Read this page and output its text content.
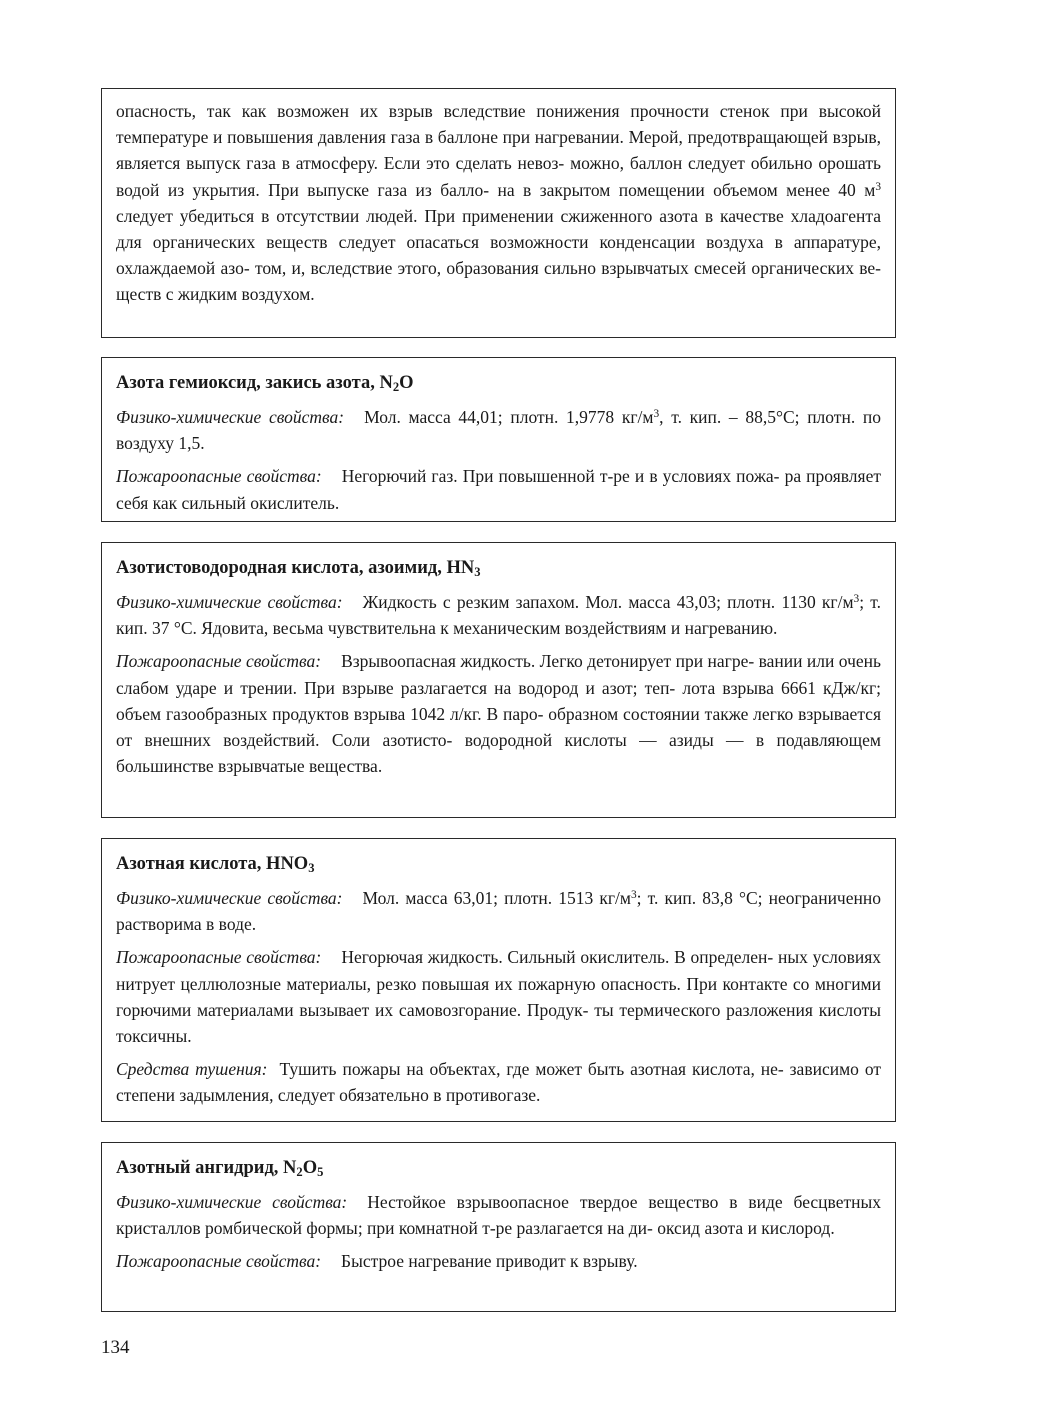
опасность, так как возможен их взрыв вследствие понижения прочности стенок при высокой температуре и повышения давления газа в баллоне при нагревании. Мерой, предотвращающей взрыв, является выпуск газа в атмосферу. Если это сделать невоз- можно, баллон следует обильно орошать водой из укрытия. При выпуске газа из балло- на в закрытом помещении объемом менее 40 $м^3$ следует убедиться в отсутствии людей. При применении сжиженного азота в качестве хладоагента для органических веществ следует опасаться возможности конденсации воздуха в аппаратуре, охлаждаемой азо- том, и, вследствие этого, образования сильно взрывчатых смесей органических ве- ществ с жидким воздухом.

Азота гемиоксид, закись азота, N2O

Физико-химические свойства: Мол. масса 44,01; плотн. 1,9778 $кг/м^3$, т. кип. – 88,5°C; плотн. по воздуху 1,5.

Пожароопасные свойства: Негорючий газ. При повышенной т-ре и в условиях пожа- ра проявляет себя как сильный окислитель.

Азотистоводородная кислота, азоимид, HN3

Физико-химические свойства: Жидкость с резким запахом. Мол. масса 43,03; плотн. 1130 $кг/м^3$; т. кип. 37 °С. Ядовита, весьма чувствительна к механическим воздействиям и нагреванию.

Пожароопасные свойства: Взрывоопасная жидкость. Легко детонирует при нагре- вании или очень слабом ударе и трении. При взрыве разлагается на водород и азот; теп- лота взрыва 6661 кДж/кг; объем газообразных продуктов взрыва 1042 л/кг. В паро- образном состоянии также легко взрывается от внешних воздействий. Соли азотисто- водородной кислоты — азиды — в подавляющем большинстве взрывчатые вещества.

Азотная кислота, HNO3

Физико-химические свойства: Мол. масса 63,01; плотн. 1513 $кг/м^3$; т. кип. 83,8 °С; неограниченно растворима в воде.

Пожароопасные свойства: Негорючая жидкость. Сильный окислитель. В определен- ных условиях нитрует целлюлозные материалы, резко повышая их пожарную опасность. При контакте со многими горючими материалами вызывает их самовозгорание. Продук- ты термического разложения кислоты токсичны.

Средства тушения: Тушить пожары на объектах, где может быть азотная кислота, не- зависимо от степени задымления, следует обязательно в противогазе.

Азотный ангидрид, N2O5

Физико-химические свойства: Нестойкое взрывоопасное твердое вещество в виде бесцветных кристаллов ромбической формы; при комнатной т-ре разлагается на ди- оксид азота и кислород.

Пожароопасные свойства: Быстрое нагревание приводит к взрыву.

134
